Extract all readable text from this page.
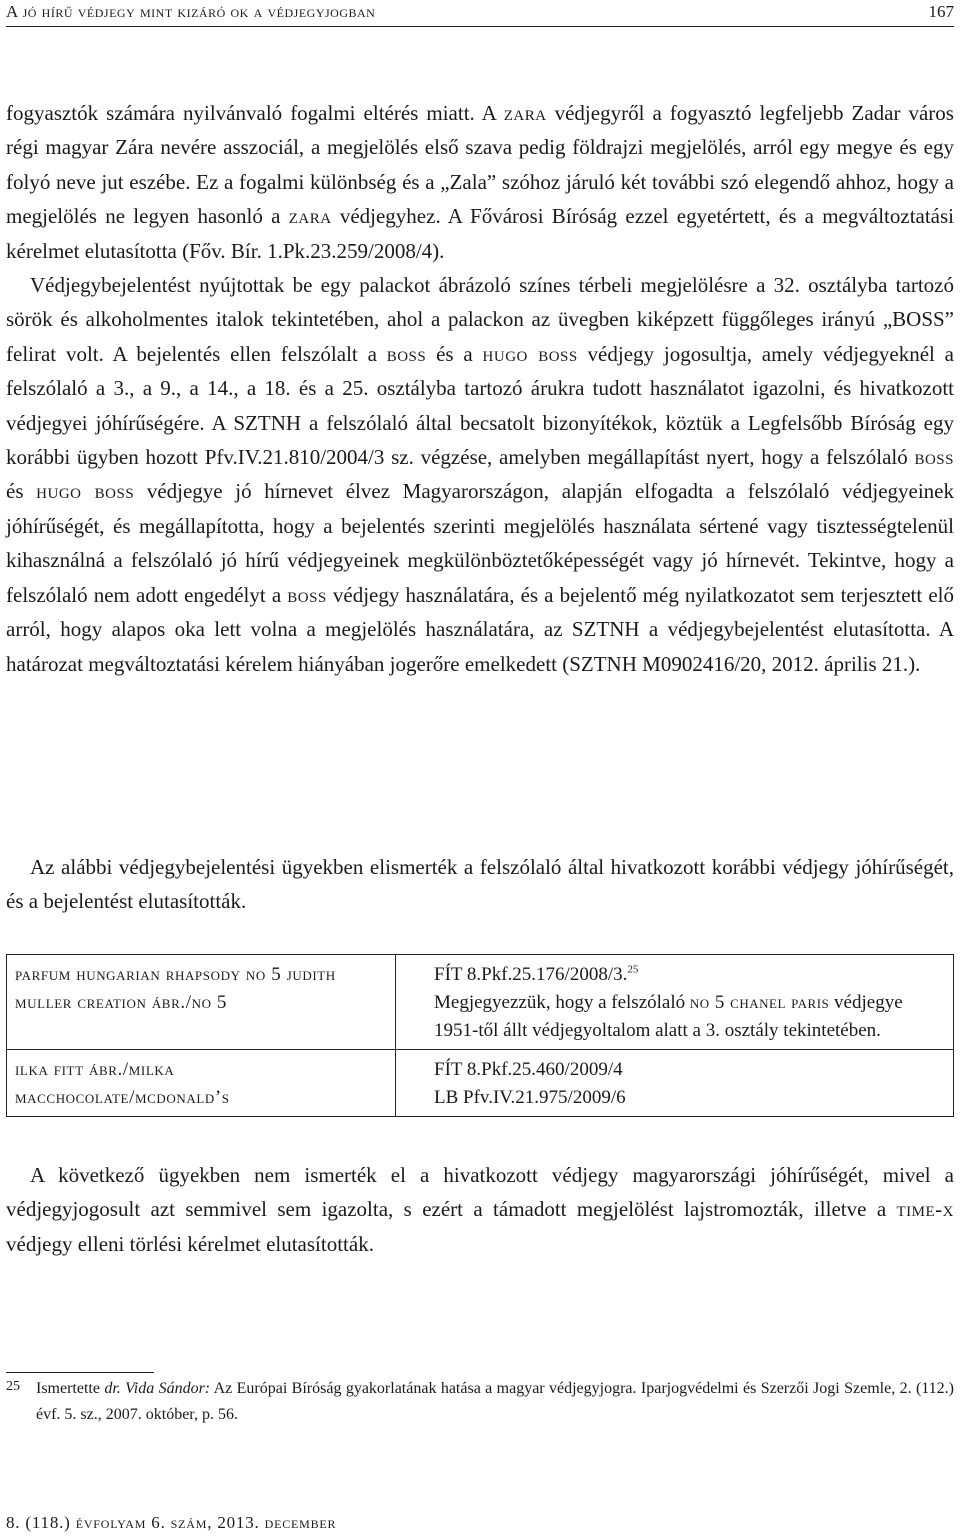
A jó hírű védjegy mint kizáró ok a védjegyjogban	167

fogyasztók számára nyilvánvaló fogalmi eltérés miatt. A zara védjegyről a fogyasztó legfeljebb Zadar város régi magyar Zára nevére asszociál, a megjelölés első szava pedig földrajzi megjelölés, arról egy megye és egy folyó neve jut eszébe. Ez a fogalmi különbség és a „Zala” szóhoz járuló két további szó elegendő ahhoz, hogy a megjelölés ne legyen hasonló a zara védjegyhez. A Fővárosi Bíróság ezzel egyetértett, és a megváltoztatási kérelmet elutasította (Főv. Bír. 1.Pk.23.259/2008/4).

Védjegybejelentést nyújtottak be egy palackot ábrázoló színes térbeli megjelölésre a 32. osztályba tartozó sörök és alkoholmentes italok tekintetében, ahol a palackon az üvegben kiképzett függőleges irányú „BOSS” felirat volt. A bejelentés ellen felszólalt a boss és a hugo boss védjegy jogosultja, amely védjegyeknél a felszólaló a 3., a 9., a 14., a 18. és a 25. osztályba tartozó árukra tudott használatot igazolni, és hivatkozott védjegyei jóhírűségére. A SZTNH a felszólaló által becsatolt bizonyítékok, köztük a Legfelsőbb Bíróság egy korábbi ügyben hozott Pfv.IV.21.810/2004/3 sz. végzése, amelyben megállapítást nyert, hogy a felszólaló boss és hugo boss védjegye jó hírnevet élvez Magyarországon, alapján elfogadta a felszólaló védjegyeinek jóhírűségét, és megállapította, hogy a bejelentés szerinti megjelölés használata sértené vagy tisztességtelenül kihasználná a felszólaló jó hírű védjegyeinek megkülönböztetőképességét vagy jó hírnevét. Tekintve, hogy a felszólaló nem adott engedélyt a boss védjegy használatára, és a bejelentő még nyilatkozatot sem terjesztett elő arról, hogy alapos oka lett volna a megjelölés használatára, az SZTNH a védjegybejelentést elutasította. A határozat megváltoztatási kérelem hiányában jogerőre emelkedett (SZTNH M0902416/20, 2012. április 21.).

Az alábbi védjegybejelentési ügyekben elismerték a felszólaló által hivatkozott korábbi védjegy jóhírűségét, és a bejelentést elutasították.

parfum hungarian rhapsody no 5 judith muller creation ábr./no 5	FÍT 8.Pkf.25.176/2008/3.25
Megjegyezzük, hogy a felszólaló no 5 chanel paris védjegye 1951-től állt védjegyoltalom alatt a 3. osztály tekintetében.
ilka fitt ábr./milka macchocolate/mcdonald’s	FÍT 8.Pkf.25.460/2009/4
LB Pfv.IV.21.975/2009/6

A következő ügyekben nem ismerték el a hivatkozott védjegy magyarországi jóhírűségét, mivel a védjegyjogosult azt semmivel sem igazolta, s ezért a támadott megjelölést lajstromozták, illetve a time-x védjegy elleni törlési kérelmet elutasították.

25 Ismertette dr. Vida Sándor: Az Európai Bíróság gyakorlatának hatása a magyar védjegyjogra. Iparjogvédelmi és Szerzői Jogi Szemle, 2. (112.) évf. 5. sz., 2007. október, p. 56.
8. (118.) évfolyam 6. szám, 2013. december
